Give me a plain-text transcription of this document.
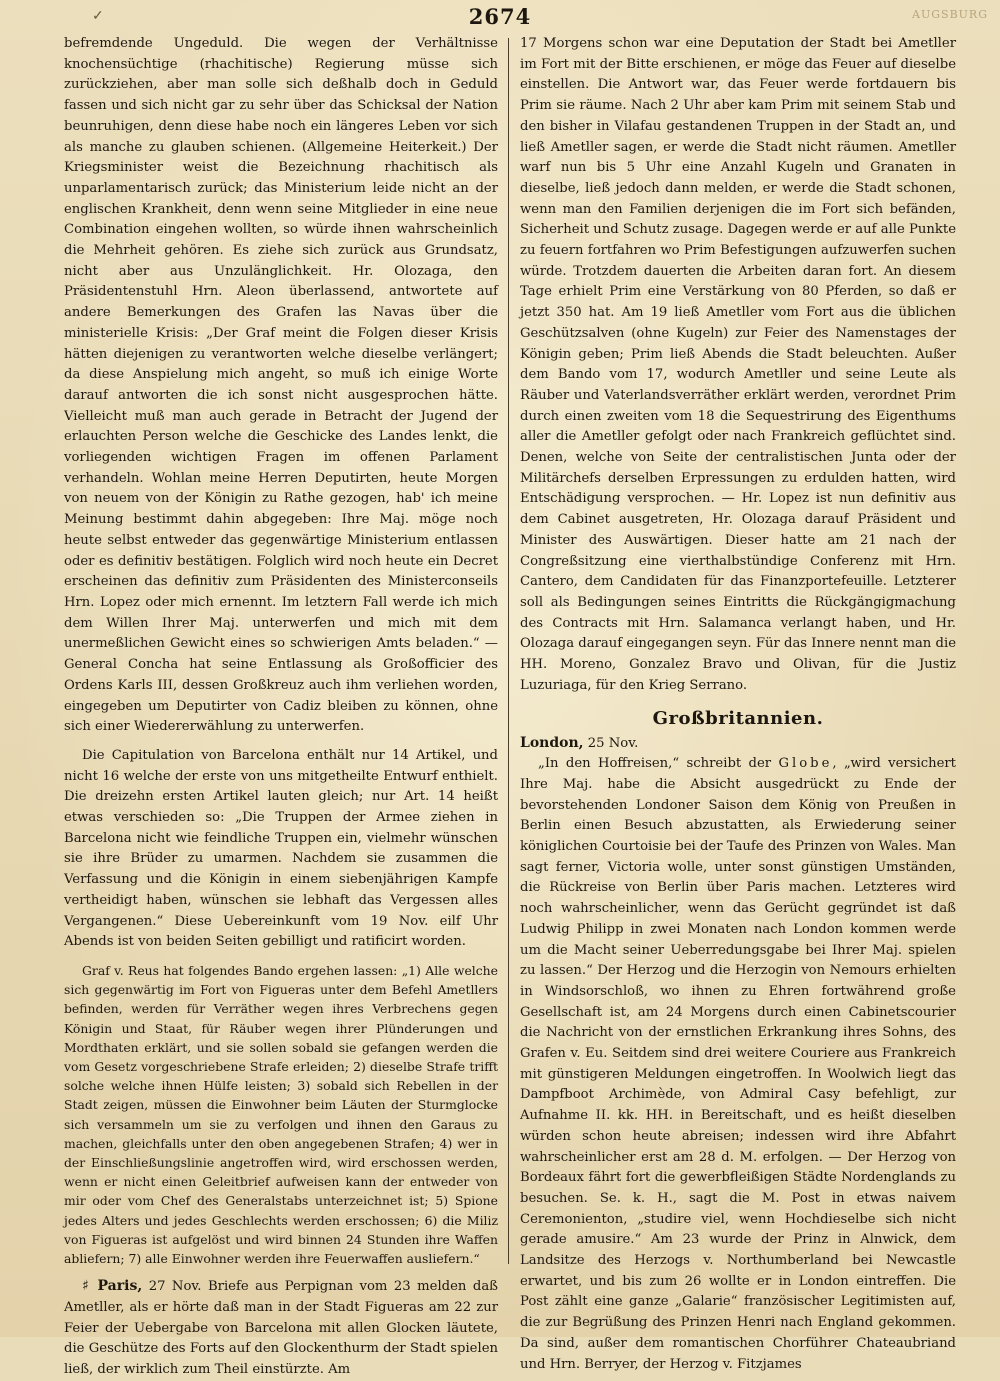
✓	AUGSBURG
2674

befremdende Ungeduld. Die wegen der Verhältnisse knochensüchtige (rhachitische) Regierung müsse sich zurückziehen, aber man solle sich deßhalb doch in Geduld fassen und sich nicht gar zu sehr über das Schicksal der Nation beunruhigen, denn diese habe noch ein längeres Leben vor sich als manche zu glauben schienen. (Allgemeine Heiterkeit.) Der Kriegsminister weist die Bezeichnung rhachitisch als unparlamentarisch zurück; das Ministerium leide nicht an der englischen Krankheit, denn wenn seine Mitglieder in eine neue Combination eingehen wollten, so würde ihnen wahrscheinlich die Mehrheit gehören. Es ziehe sich zurück aus Grundsatz, nicht aber aus Unzulänglichkeit. Hr. Olozaga, den Präsidentenstuhl Hrn. Aleon überlassend, antwortete auf andere Bemerkungen des Grafen las Navas über die ministerielle Krisis: „Der Graf meint die Folgen dieser Krisis hätten diejenigen zu verantworten welche dieselbe verlängert; da diese Anspielung mich angeht, so muß ich einige Worte darauf antworten die ich sonst nicht ausgesprochen hätte. Vielleicht muß man auch gerade in Betracht der Jugend der erlauchten Person welche die Geschicke des Landes lenkt, die vorliegenden wichtigen Fragen im offenen Parlament verhandeln. Wohlan meine Herren Deputirten, heute Morgen von neuem von der Königin zu Rathe gezogen, hab' ich meine Meinung bestimmt dahin abgegeben: Ihre Maj. möge noch heute selbst entweder das gegenwärtige Ministerium entlassen oder es definitiv bestätigen. Folglich wird noch heute ein Decret erscheinen das definitiv zum Präsidenten des Ministerconseils Hrn. Lopez oder mich ernennt. Im letztern Fall werde ich mich dem Willen Ihrer Maj. unterwerfen und mich mit dem unermeßlichen Gewicht eines so schwierigen Amts beladen.“ — General Concha hat seine Entlassung als Großofficier des Ordens Karls III, dessen Großkreuz auch ihm verliehen worden, eingegeben um Deputirter von Cadiz bleiben zu können, ohne sich einer Wiedererwählung zu unterwerfen.

Die Capitulation von Barcelona enthält nur 14 Artikel, und nicht 16 welche der erste von uns mitgetheilte Entwurf enthielt. Die dreizehn ersten Artikel lauten gleich; nur Art. 14 heißt etwas verschieden so: „Die Truppen der Armee ziehen in Barcelona nicht wie feindliche Truppen ein, vielmehr wünschen sie ihre Brüder zu umarmen. Nachdem sie zusammen die Verfassung und die Königin in einem siebenjährigen Kampfe vertheidigt haben, wünschen sie lebhaft das Vergessen alles Vergangenen.“ Diese Uebereinkunft vom 19 Nov. eilf Uhr Abends ist von beiden Seiten gebilligt und ratificirt worden.

Graf v. Reus hat folgendes Bando ergehen lassen: „1) Alle welche sich gegenwärtig im Fort von Figueras unter dem Befehl Ametllers befinden, werden für Verräther wegen ihres Verbrechens gegen Königin und Staat, für Räuber wegen ihrer Plünderungen und Mordthaten erklärt, und sie sollen sobald sie gefangen werden die vom Gesetz vorgeschriebene Strafe erleiden; 2) dieselbe Strafe trifft solche welche ihnen Hülfe leisten; 3) sobald sich Rebellen in der Stadt zeigen, müssen die Einwohner beim Läuten der Sturmglocke sich versammeln um sie zu verfolgen und ihnen den Garaus zu machen, gleichfalls unter den oben angegebenen Strafen; 4) wer in der Einschließungslinie angetroffen wird, wird erschossen werden, wenn er nicht einen Geleitbrief aufweisen kann der entweder von mir oder vom Chef des Generalstabs unterzeichnet ist; 5) Spione jedes Alters und jedes Geschlechts werden erschossen; 6) die Miliz von Figueras ist aufgelöst und wird binnen 24 Stunden ihre Waffen abliefern; 7) alle Einwohner werden ihre Feuerwaffen ausliefern.“

♯ Paris, 27 Nov. Briefe aus Perpignan vom 23 melden daß Ametller, als er hörte daß man in der Stadt Figueras am 22 zur Feier der Uebergabe von Barcelona mit allen Glocken läutete, die Geschütze des Forts auf den Glockenthurm der Stadt spielen ließ, der wirklich zum Theil einstürzte. Am

17 Morgens schon war eine Deputation der Stadt bei Ametller im Fort mit der Bitte erschienen, er möge das Feuer auf dieselbe einstellen. Die Antwort war, das Feuer werde fortdauern bis Prim sie räume. Nach 2 Uhr aber kam Prim mit seinem Stab und den bisher in Vilafau gestandenen Truppen in der Stadt an, und ließ Ametller sagen, er werde die Stadt nicht räumen. Ametller warf nun bis 5 Uhr eine Anzahl Kugeln und Granaten in dieselbe, ließ jedoch dann melden, er werde die Stadt schonen, wenn man den Familien derjenigen die im Fort sich befänden, Sicherheit und Schutz zusage. Dagegen werde er auf alle Punkte zu feuern fortfahren wo Prim Befestigungen aufzuwerfen suchen würde. Trotzdem dauerten die Arbeiten daran fort. An diesem Tage erhielt Prim eine Verstärkung von 80 Pferden, so daß er jetzt 350 hat. Am 19 ließ Ametller vom Fort aus die üblichen Geschützsalven (ohne Kugeln) zur Feier des Namenstages der Königin geben; Prim ließ Abends die Stadt beleuchten. Außer dem Bando vom 17, wodurch Ametller und seine Leute als Räuber und Vaterlandsverräther erklärt werden, verordnet Prim durch einen zweiten vom 18 die Sequestrirung des Eigenthums aller die Ametller gefolgt oder nach Frankreich geflüchtet sind. Denen, welche von Seite der centralistischen Junta oder der Militärchefs derselben Erpressungen zu erdulden hatten, wird Entschädigung versprochen. — Hr. Lopez ist nun definitiv aus dem Cabinet ausgetreten, Hr. Olozaga darauf Präsident und Minister des Auswärtigen. Dieser hatte am 21 nach der Congreßsitzung eine vierthalbstündige Conferenz mit Hrn. Cantero, dem Candidaten für das Finanzportefeuille. Letzterer soll als Bedingungen seines Eintritts die Rückgängigmachung des Contracts mit Hrn. Salamanca verlangt haben, und Hr. Olozaga darauf eingegangen seyn. Für das Innere nennt man die HH. Moreno, Gonzalez Bravo und Olivan, für die Justiz Luzuriaga, für den Krieg Serrano.

Großbritannien.

London, 25 Nov.

„In den Hoffreisen,“ schreibt der Globe, „wird versichert Ihre Maj. habe die Absicht ausgedrückt zu Ende der bevorstehenden Londoner Saison dem König von Preußen in Berlin einen Besuch abzustatten, als Erwiederung seiner königlichen Courtoisie bei der Taufe des Prinzen von Wales. Man sagt ferner, Victoria wolle, unter sonst günstigen Umständen, die Rückreise von Berlin über Paris machen. Letzteres wird noch wahrscheinlicher, wenn das Gerücht gegründet ist daß Ludwig Philipp in zwei Monaten nach London kommen werde um die Macht seiner Ueberredungsgabe bei Ihrer Maj. spielen zu lassen.“ Der Herzog und die Herzogin von Nemours erhielten in Windsorschloß, wo ihnen zu Ehren fortwährend große Gesellschaft ist, am 24 Morgens durch einen Cabinetscourier die Nachricht von der ernstlichen Erkrankung ihres Sohns, des Grafen v. Eu. Seitdem sind drei weitere Couriere aus Frankreich mit günstigeren Meldungen eingetroffen. In Woolwich liegt das Dampfboot Archimède, von Admiral Casy befehligt, zur Aufnahme II. kk. HH. in Bereitschaft, und es heißt dieselben würden schon heute abreisen; indessen wird ihre Abfahrt wahrscheinlicher erst am 28 d. M. erfolgen. — Der Herzog von Bordeaux fährt fort die gewerbfleißigen Städte Nordenglands zu besuchen. Se. k. H., sagt die M. Post in etwas naivem Ceremonienton, „studire viel, wenn Hochdieselbe sich nicht gerade amusire.“ Am 23 wurde der Prinz in Alnwick, dem Landsitze des Herzogs v. Northumberland bei Newcastle erwartet, und bis zum 26 wollte er in London eintreffen. Die Post zählt eine ganze „Galarie“ französischer Legitimisten auf, die zur Begrüßung des Prinzen Henri nach England gekommen. Da sind, außer dem romantischen Chorführer Chateaubriand und Hrn. Berryer, der Herzog v. Fitzjames
